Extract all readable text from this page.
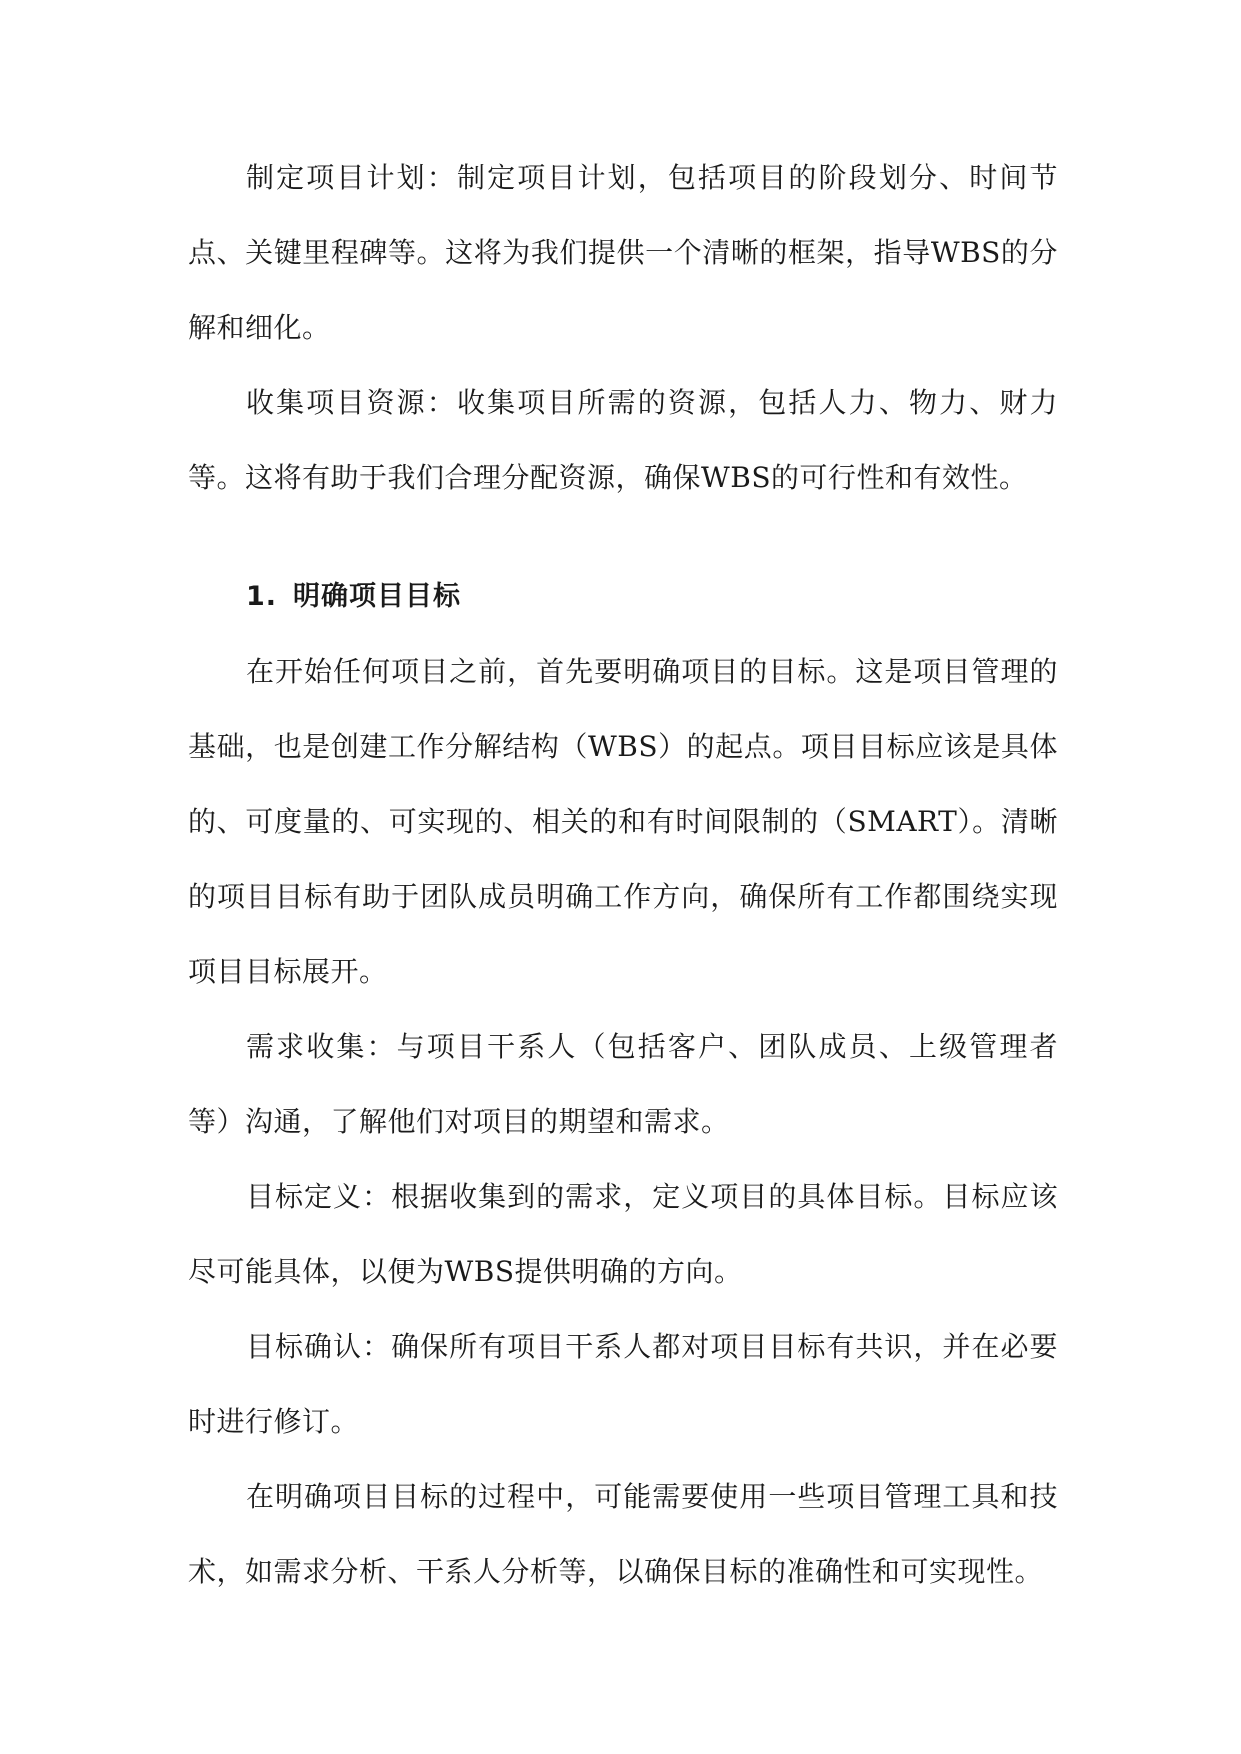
制定项目计划：制定项目计划，包括项目的阶段划分、时间节点、关键里程碑等。这将为我们提供一个清晰的框架，指导WBS的分解和细化。

收集项目资源：收集项目所需的资源，包括人力、物力、财力等。这将有助于我们合理分配资源，确保WBS的可行性和有效性。

1. 明确项目目标

在开始任何项目之前，首先要明确项目的目标。这是项目管理的基础，也是创建工作分解结构（WBS）的起点。项目目标应该是具体的、可度量的、可实现的、相关的和有时间限制的（SMART）。清晰的项目目标有助于团队成员明确工作方向，确保所有工作都围绕实现项目目标展开。

需求收集：与项目干系人（包括客户、团队成员、上级管理者等）沟通，了解他们对项目的期望和需求。

目标定义：根据收集到的需求，定义项目的具体目标。目标应该尽可能具体，以便为WBS提供明确的方向。

目标确认：确保所有项目干系人都对项目目标有共识，并在必要时进行修订。

在明确项目目标的过程中，可能需要使用一些项目管理工具和技术，如需求分析、干系人分析等，以确保目标的准确性和可实现性。
